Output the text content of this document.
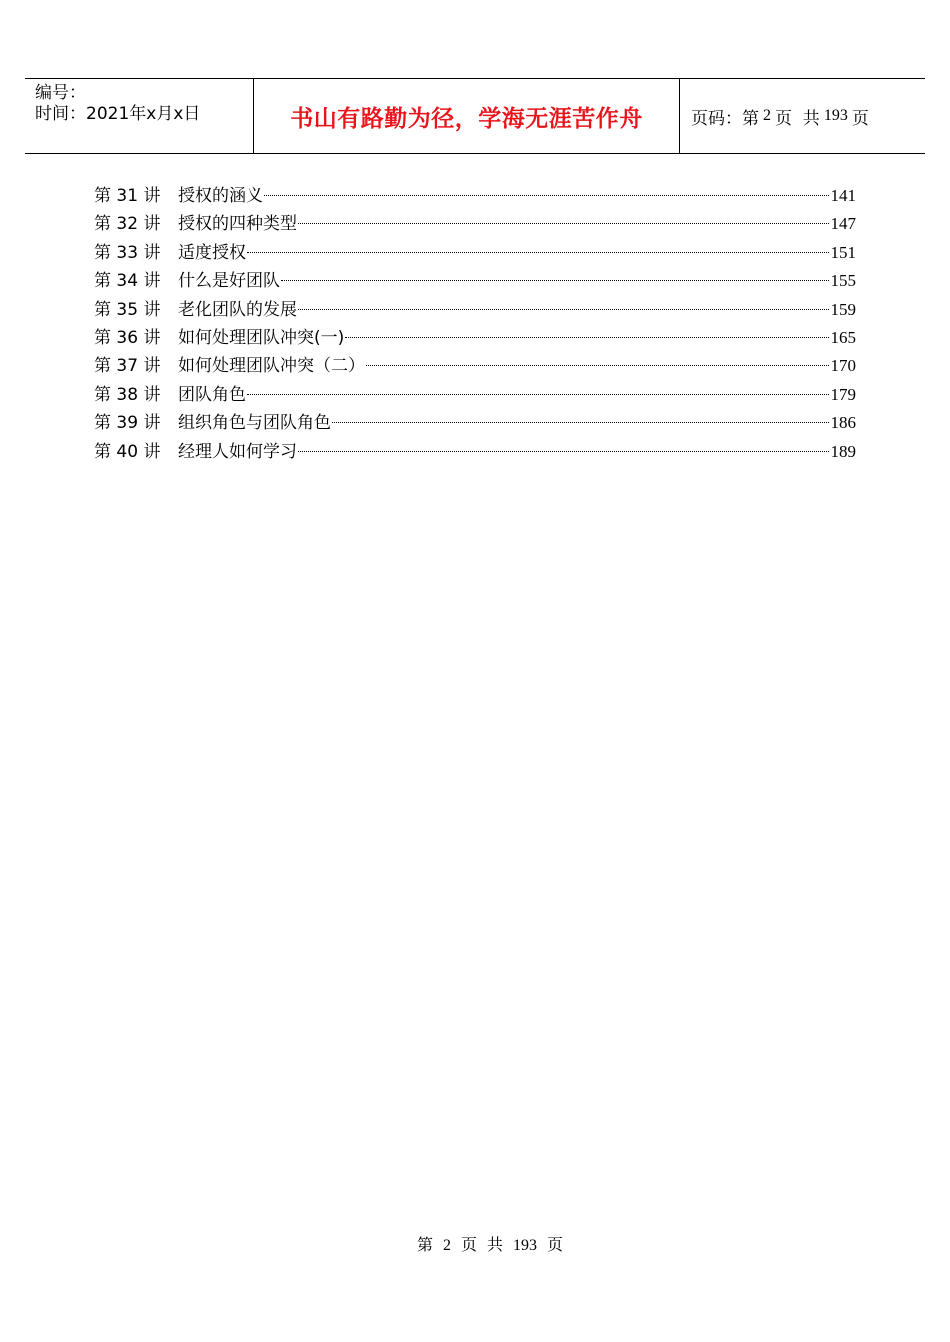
编号：
时间：2021年x月x日	书山有路勤为径，学海无涯苦作舟	页码：第 2 页  共 193 页
第 31 讲	授权的涵义	141
第 32 讲	授权的四种类型	147
第 33 讲	适度授权	151
第 34 讲	什么是好团队	155
第 35 讲	老化团队的发展	159
第 36 讲	如何处理团队冲突(一)	165
第 37 讲	如何处理团队冲突（二）	170
第 38 讲	团队角色	179
第 39 讲	组织角色与团队角色	186
第 40 讲	经理人如何学习	189
第 2 页 共 193 页
